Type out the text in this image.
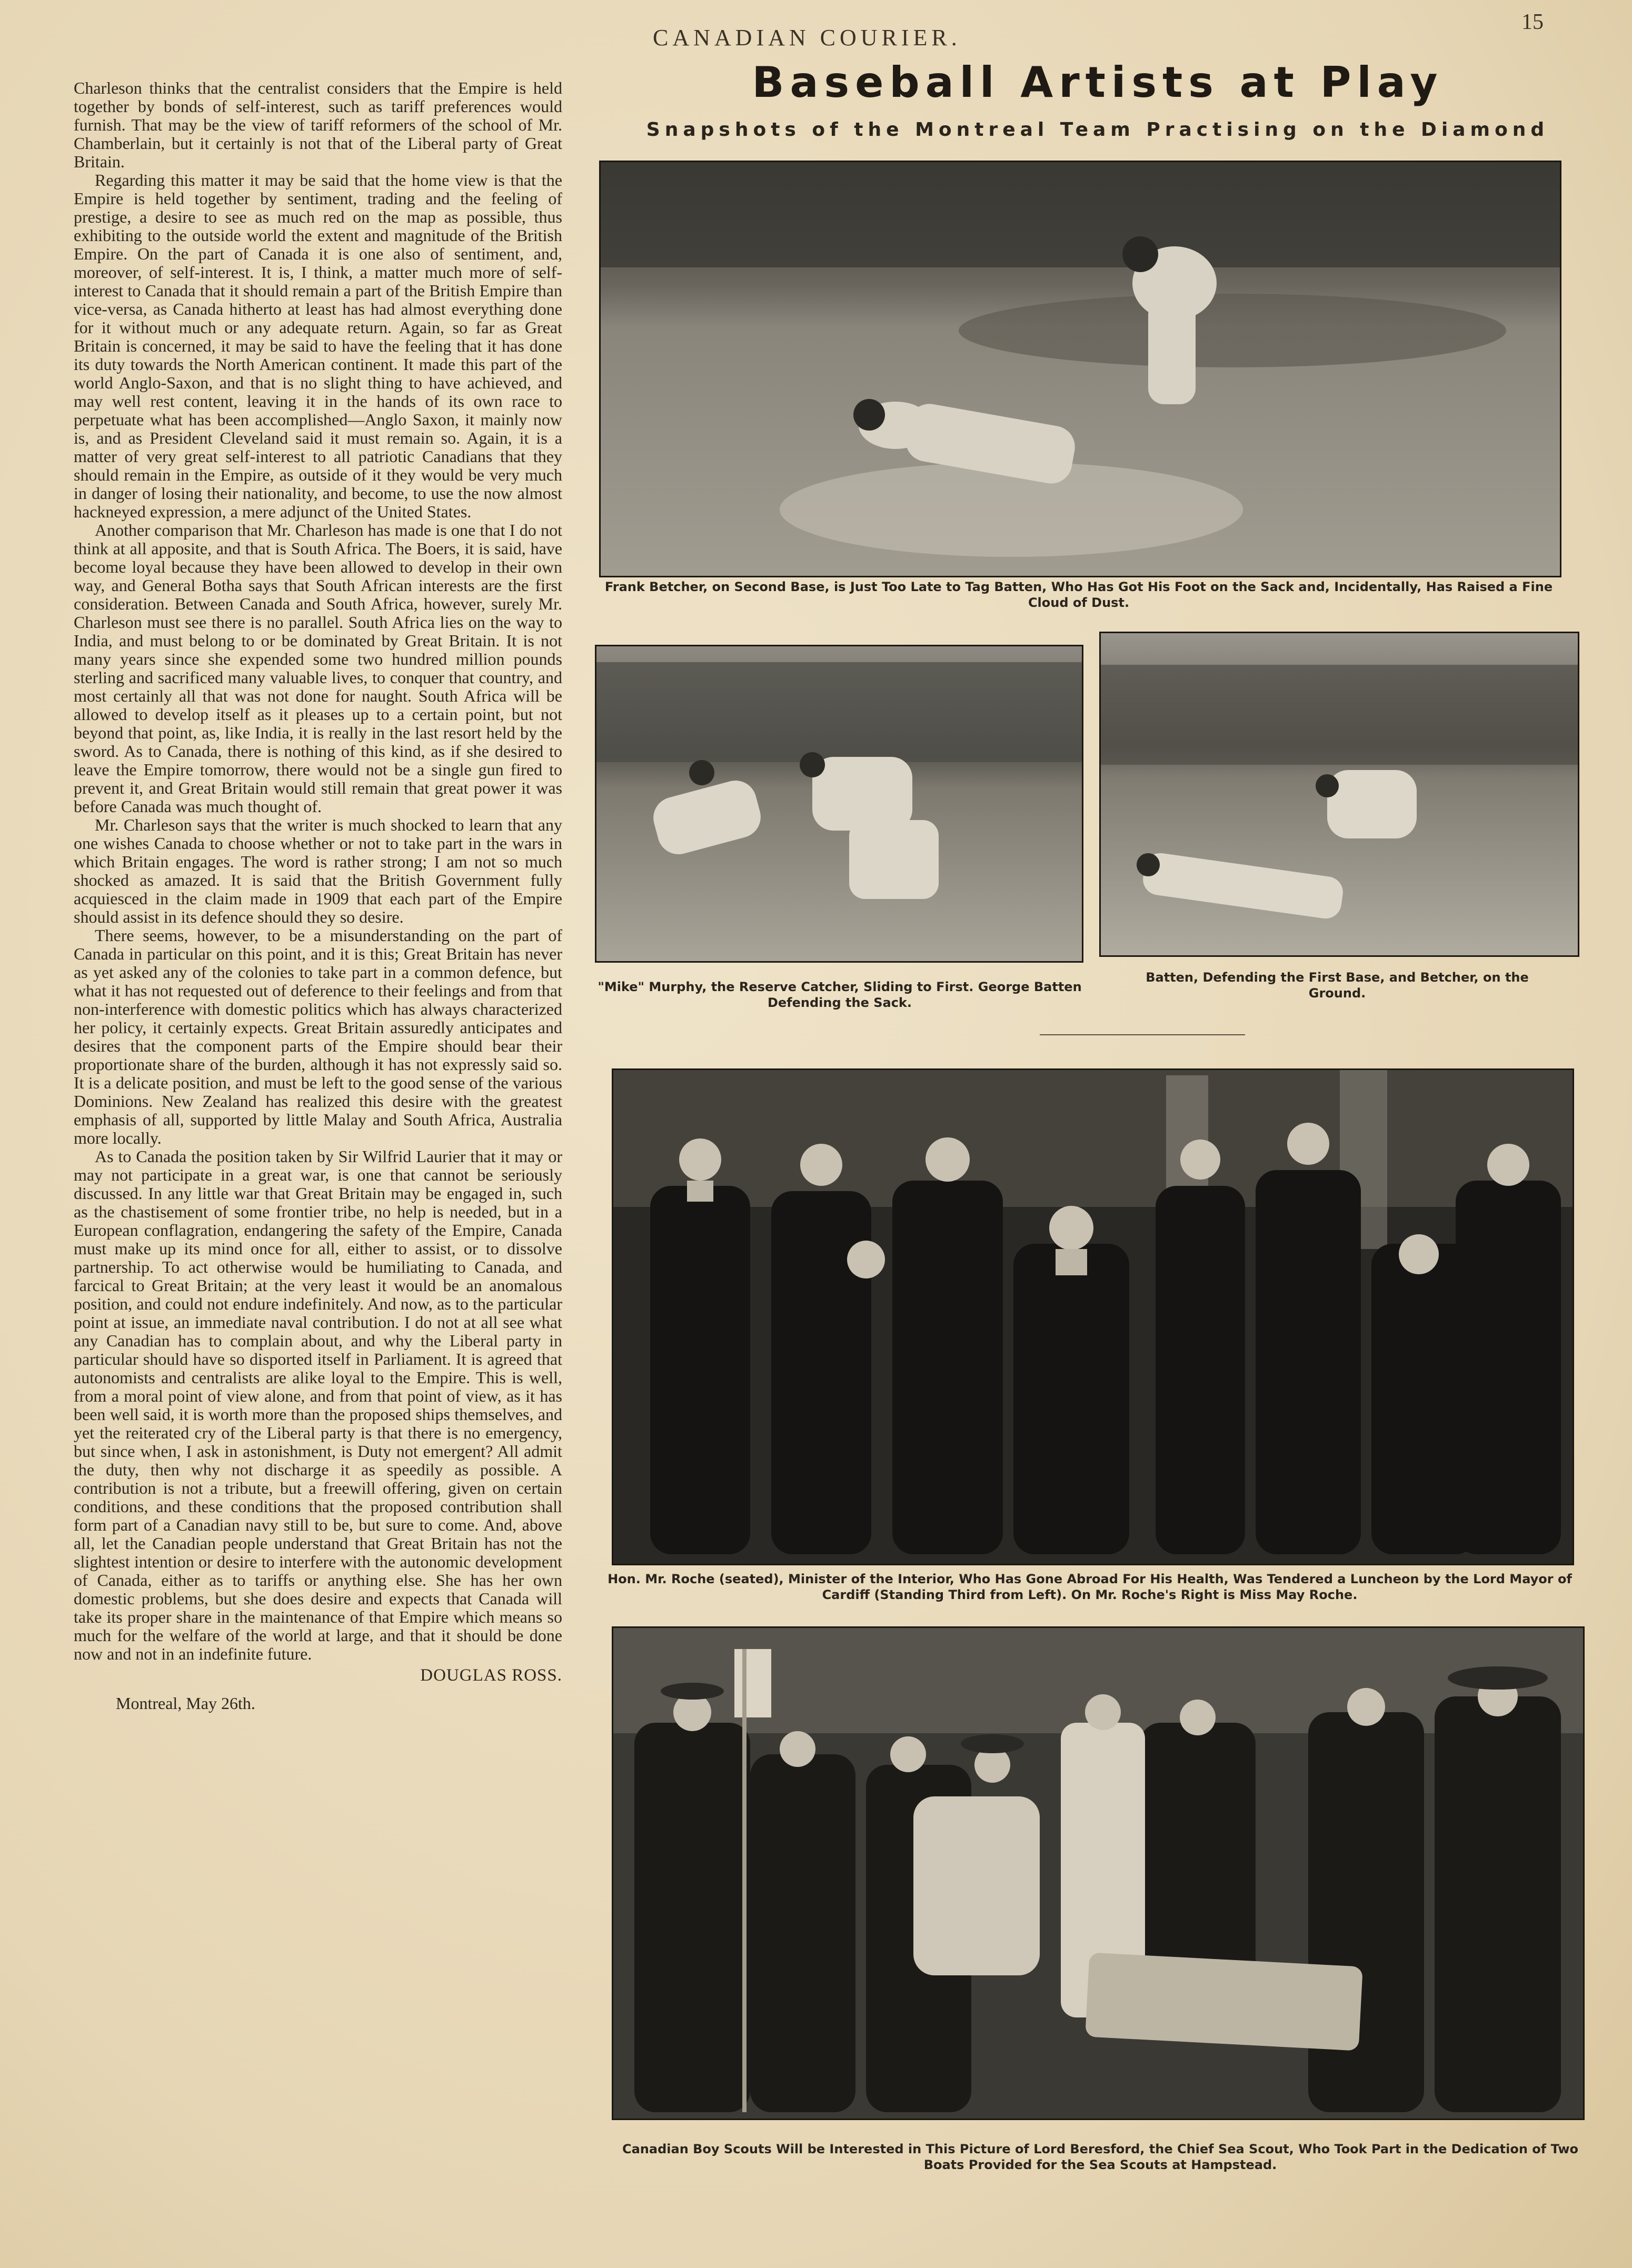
CANADIAN COURIER.
15

Charleson thinks that the centralist considers that the Empire is held together by bonds of self-interest, such as tariff preferences would furnish. That may be the view of tariff reformers of the school of Mr. Chamberlain, but it certainly is not that of the Liberal party of Great Britain.

Regarding this matter it may be said that the home view is that the Empire is held together by sentiment, trading and the feeling of prestige, a desire to see as much red on the map as possible, thus exhibiting to the outside world the extent and magnitude of the British Empire. On the part of Canada it is one also of sentiment, and, moreover, of self-interest. It is, I think, a matter much more of self-interest to Canada that it should remain a part of the British Empire than vice-versa, as Canada hitherto at least has had almost everything done for it without much or any adequate return. Again, so far as Great Britain is concerned, it may be said to have the feeling that it has done its duty towards the North American continent. It made this part of the world Anglo-Saxon, and that is no slight thing to have achieved, and may well rest content, leaving it in the hands of its own race to perpetuate what has been accomplished—Anglo Saxon, it mainly now is, and as President Cleveland said it must remain so. Again, it is a matter of very great self-interest to all patriotic Canadians that they should remain in the Empire, as outside of it they would be very much in danger of losing their nationality, and become, to use the now almost hackneyed expression, a mere adjunct of the United States.

Another comparison that Mr. Charleson has made is one that I do not think at all apposite, and that is South Africa. The Boers, it is said, have become loyal because they have been allowed to develop in their own way, and General Botha says that South African interests are the first consideration. Between Canada and South Africa, however, surely Mr. Charleson must see there is no parallel. South Africa lies on the way to India, and must belong to or be dominated by Great Britain. It is not many years since she expended some two hundred million pounds sterling and sacrificed many valuable lives, to conquer that country, and most certainly all that was not done for naught. South Africa will be allowed to develop itself as it pleases up to a certain point, but not beyond that point, as, like India, it is really in the last resort held by the sword. As to Canada, there is nothing of this kind, as if she desired to leave the Empire tomorrow, there would not be a single gun fired to prevent it, and Great Britain would still remain that great power it was before Canada was much thought of.

Mr. Charleson says that the writer is much shocked to learn that any one wishes Canada to choose whether or not to take part in the wars in which Britain engages. The word is rather strong; I am not so much shocked as amazed. It is said that the British Government fully acquiesced in the claim made in 1909 that each part of the Empire should assist in its defence should they so desire.

There seems, however, to be a misunderstanding on the part of Canada in particular on this point, and it is this; Great Britain has never as yet asked any of the colonies to take part in a common defence, but what it has not requested out of deference to their feelings and from that non-interference with domestic politics which has always characterized her policy, it certainly expects. Great Britain assuredly anticipates and desires that the component parts of the Empire should bear their proportionate share of the burden, although it has not expressly said so. It is a delicate position, and must be left to the good sense of the various Dominions. New Zealand has realized this desire with the greatest emphasis of all, supported by little Malay and South Africa, Australia more locally.

As to Canada the position taken by Sir Wilfrid Laurier that it may or may not participate in a great war, is one that cannot be seriously discussed. In any little war that Great Britain may be engaged in, such as the chastisement of some frontier tribe, no help is needed, but in a European conflagration, endangering the safety of the Empire, Canada must make up its mind once for all, either to assist, or to dissolve partnership. To act otherwise would be humiliating to Canada, and farcical to Great Britain; at the very least it would be an anomalous position, and could not endure indefinitely. And now, as to the particular point at issue, an immediate naval contribution. I do not at all see what any Canadian has to complain about, and why the Liberal party in particular should have so disported itself in Parliament. It is agreed that autonomists and centralists are alike loyal to the Empire. This is well, from a moral point of view alone, and from that point of view, as it has been well said, it is worth more than the proposed ships themselves, and yet the reiterated cry of the Liberal party is that there is no emergency, but since when, I ask in astonishment, is Duty not emergent? All admit the duty, then why not discharge it as speedily as possible. A contribution is not a tribute, but a freewill offering, given on certain conditions, and these conditions that the proposed contribution shall form part of a Canadian navy still to be, but sure to come. And, above all, let the Canadian people understand that Great Britain has not the slightest intention or desire to interfere with the autonomic development of Canada, either as to tariffs or anything else. She has her own domestic problems, but she does desire and expects that Canada will take its proper share in the maintenance of that Empire which means so much for the welfare of the world at large, and that it should be done now and not in an indefinite future.

DOUGLAS ROSS.
Montreal, May 26th.
Baseball Artists at Play
Snapshots of the Montreal Team Practising on the Diamond
Frank Betcher, on Second Base, is Just Too Late to Tag Batten, Who Has Got His Foot on the Sack and, Incidentally, Has Raised a Fine Cloud of Dust.
"Mike" Murphy, the Reserve Catcher, Sliding to First. George Batten Defending the Sack.
Batten, Defending the First Base, and Betcher, on the Ground.
Hon. Mr. Roche (seated), Minister of the Interior, Who Has Gone Abroad For His Health, Was Tendered a Luncheon by the Lord Mayor of Cardiff (Standing Third from Left). On Mr. Roche's Right is Miss May Roche.
Canadian Boy Scouts Will be Interested in This Picture of Lord Beresford, the Chief Sea Scout, Who Took Part in the Dedication of Two Boats Provided for the Sea Scouts at Hampstead.
